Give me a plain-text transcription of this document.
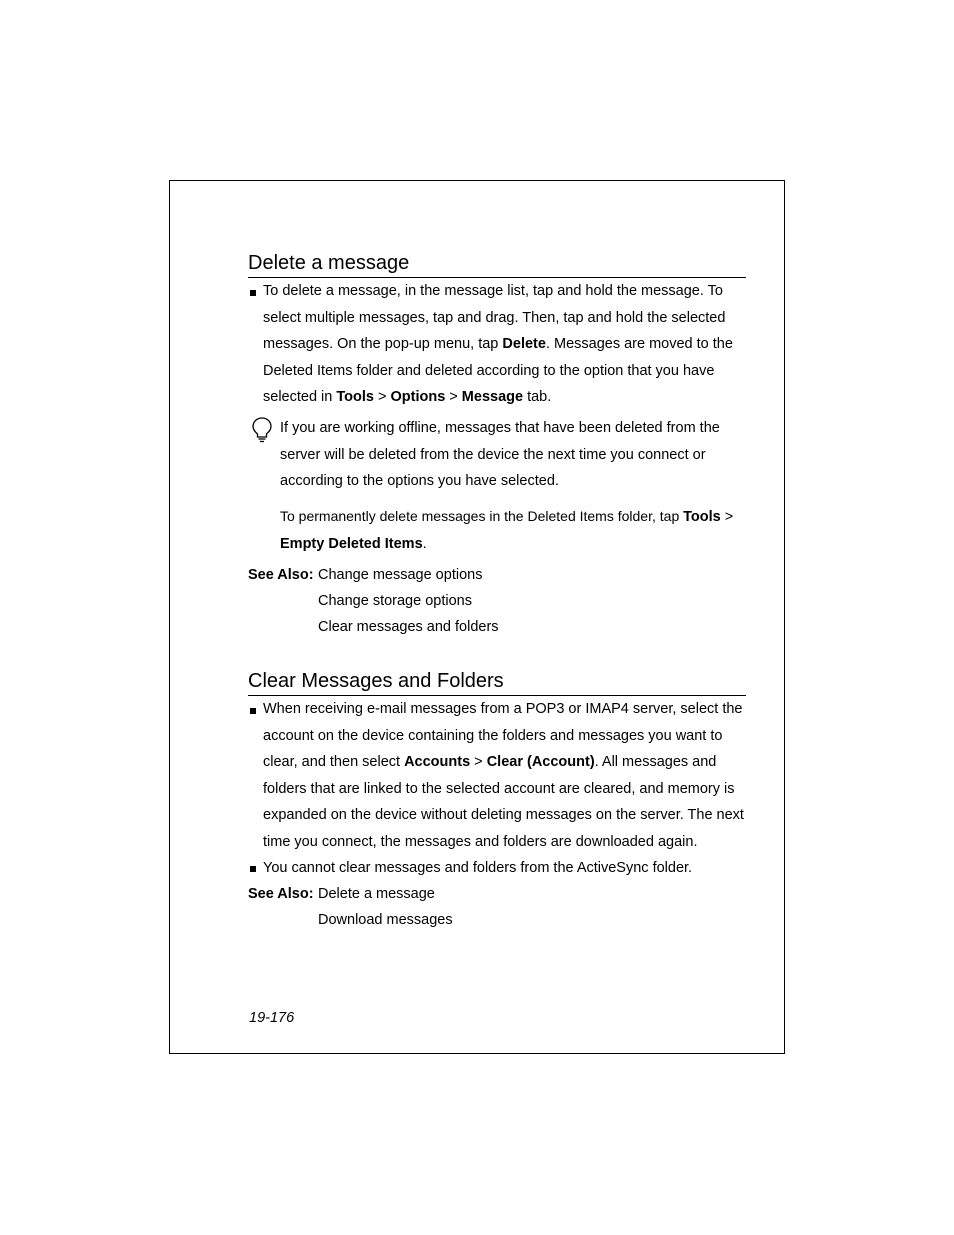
Delete a message

To delete a message, in the message list, tap and hold the message. To select multiple messages, tap and drag. Then, tap and hold the selected messages. On the pop-up menu, tap Delete. Messages are moved to the Deleted Items folder and deleted according to the option that you have selected in Tools > Options > Message tab.

If you are working offline, messages that have been deleted from the server will be deleted from the device the next time you connect or according to the options you have selected.

To permanently delete messages in the Deleted Items folder, tap Tools > Empty Deleted Items.

See Also: Change message options

Change storage options

Clear messages and folders

Clear Messages and Folders

When receiving e-mail messages from a POP3 or IMAP4 server, select the account on the device containing the folders and messages you want to clear, and then select Accounts > Clear (Account). All messages and folders that are linked to the selected account are cleared, and memory is expanded on the device without deleting messages on the server. The next time you connect, the messages and folders are downloaded again.

You cannot clear messages and folders from the ActiveSync folder.

See Also: Delete a message

Download messages

19-176
